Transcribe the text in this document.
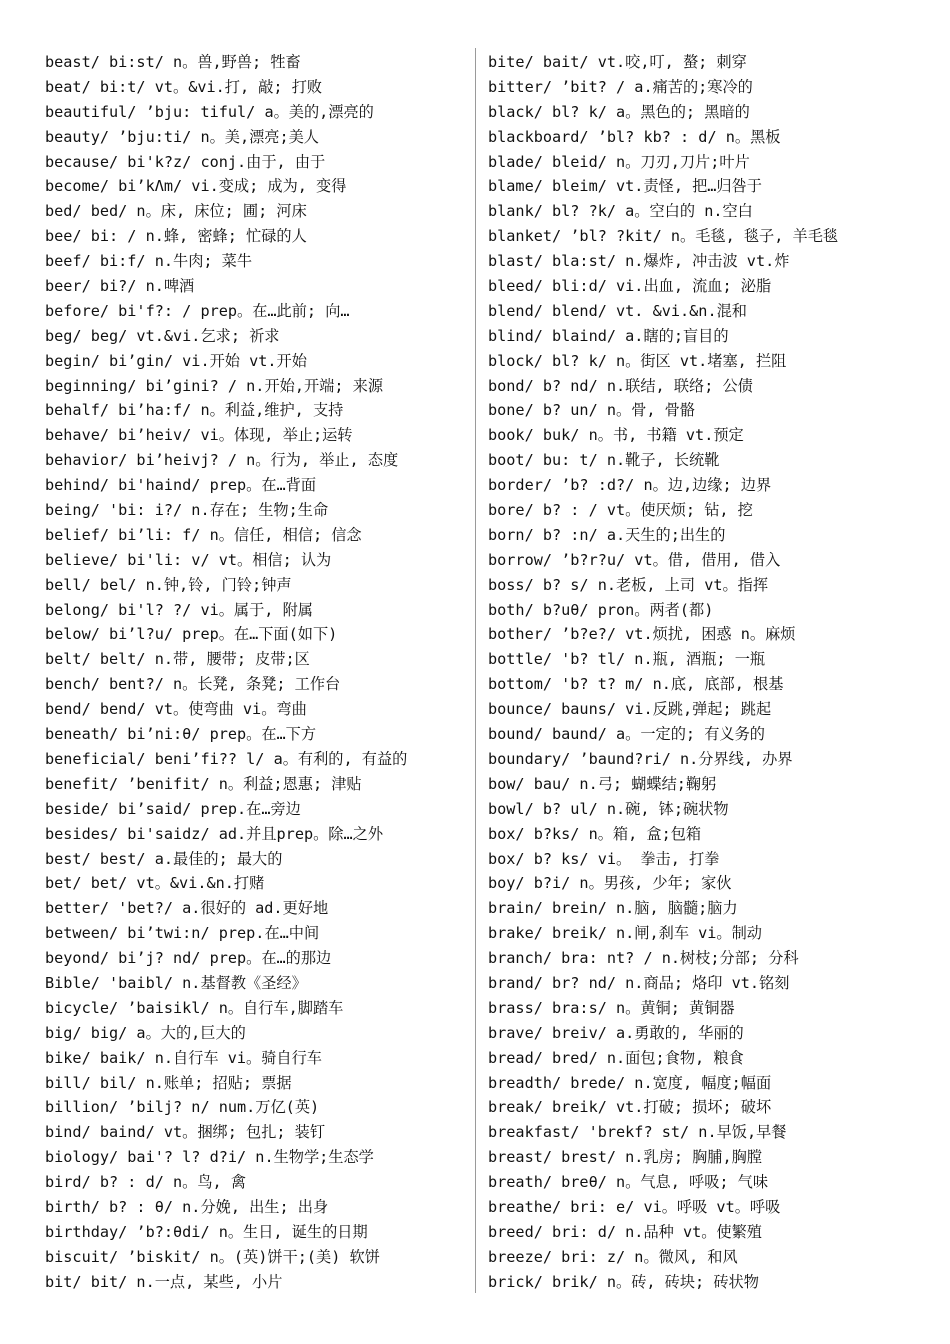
beast/ bi:st/ n。兽,野兽; 牲畜
beat/ bi:t/ vt。&vi.打, 敲; 打败
beautiful/ ’bju: tiful/ a。美的,漂亮的
beauty/ ’bju:ti/ n。美,漂亮;美人
because/ bi'k?z/ conj.由于, 由于
become/ bi’kΛm/ vi.变成; 成为, 变得
bed/ bed/ n。床, 床位; 圃; 河床
bee/ bi: / n.蜂, 密蜂; 忙碌的人
beef/ bi:f/ n.牛肉; 菜牛
beer/ bi?/ n.啤酒
before/ bi'f?: / prep。在…此前; 向…
beg/ beg/ vt.&vi.乞求; 祈求
begin/ bi’gin/ vi.开始 vt.开始
beginning/ bi’gini? / n.开始,开端; 来源
behalf/ bi’ha:f/ n。利益,维护, 支持
behave/ bi’heiv/ vi。体现, 举止;运转
behavior/ bi’heivj? / n。行为, 举止, 态度
behind/ bi'haind/ prep。在…背面
being/ 'bi: i?/ n.存在; 生物;生命
belief/ bi’li: f/ n。信任, 相信; 信念
believe/ bi'li: v/ vt。相信; 认为
bell/ bel/ n.钟,铃, 门铃;钟声
belong/ bi'l? ?/ vi。属于, 附属
below/ bi’l?u/ prep。在…下面(如下)
belt/ belt/ n.带, 腰带; 皮带;区
bench/ bent?/ n。长凳, 条凳; 工作台
bend/ bend/ vt。使弯曲 vi。弯曲
beneath/ bi’ni:θ/ prep。在…下方
beneficial/ beni’fi?? l/ a。有利的, 有益的
benefit/ ’benifit/ n。利益;恩惠; 津贴
beside/ bi’said/ prep.在…旁边
besides/ bi'saidz/ ad.并且prep。除…之外
best/ best/ a.最佳的; 最大的
bet/ bet/ vt。&vi.&n.打赌
better/ 'bet?/ a.很好的 ad.更好地
between/ bi’twi:n/ prep.在…中间
beyond/ bi’j? nd/ prep。在…的那边
Bible/ 'baibl/ n.基督教《圣经》
bicycle/ ’baisikl/ n。自行车,脚踏车
big/ big/ a。大的,巨大的
bike/ baik/ n.自行车 vi。骑自行车
bill/ bil/ n.账单; 招贴; 票据
billion/ ’bilj? n/ num.万亿(英)
bind/ baind/ vt。捆绑; 包扎; 装钉
biology/ bai'? l? d?i/ n.生物学;生态学
bird/ b? : d/ n。鸟, 禽
birth/ b? : θ/ n.分娩, 出生; 出身
birthday/ ’b?:θdi/ n。生日, 诞生的日期
biscuit/ ’biskit/ n。(英)饼干;(美) 软饼
bit/ bit/ n.一点, 某些, 小片
bite/ bait/ vt.咬,叮, 螯; 刺穿
bitter/ ’bit? / a.痛苦的;寒冷的
black/ bl? k/ a。黑色的; 黑暗的
blackboard/ ’bl? kb? : d/ n。黑板
blade/ bleid/ n。刀刃,刀片;叶片
blame/ bleim/ vt.责怪, 把…归咎于
blank/ bl? ?k/ a。空白的 n.空白
blanket/ ’bl? ?kit/ n。毛毯, 毯子, 羊毛毯
blast/ bla:st/ n.爆炸, 冲击波 vt.炸
bleed/ bli:d/ vi.出血, 流血; 泌脂
blend/ blend/ vt. &vi.&n.混和
blind/ blaind/ a.瞎的;盲目的
block/ bl? k/ n。街区 vt.堵塞, 拦阻
bond/ b? nd/ n.联结, 联络; 公债
bone/ b? un/ n。骨, 骨骼
book/ buk/ n。书, 书籍 vt.预定
boot/ bu: t/ n.靴子, 长统靴
border/ ’b? :d?/ n。边,边缘; 边界
bore/ b? : / vt。使厌烦; 钻, 挖
born/ b? :n/ a.天生的;出生的
borrow/ ’b?r?u/ vt。借, 借用, 借入
boss/ b? s/ n.老板, 上司 vt。指挥
both/ b?uθ/ pron。两者(都)
bother/ ’b?e?/ vt.烦扰, 困惑 n。麻烦
bottle/ 'b? tl/ n.瓶, 酒瓶; 一瓶
bottom/ 'b? t? m/ n.底, 底部, 根基
bounce/ bauns/ vi.反跳,弹起; 跳起
bound/ baund/ a。一定的; 有义务的
boundary/ ’baund?ri/ n.分界线, 办界
bow/ bau/ n.弓; 蝴蝶结;鞠躬
bowl/ b? ul/ n.碗, 钵;碗状物
box/ b?ks/ n。箱, 盒;包箱
box/ b? ks/ vi。 拳击, 打拳
boy/ b?i/ n。男孩, 少年; 家伙
brain/ brein/ n.脑, 脑髓;脑力
brake/ breik/ n.闸,刹车 vi。制动
branch/ bra: nt? / n.树枝;分部; 分科
brand/ br? nd/ n.商品; 烙印 vt.铭刻
brass/ bra:s/ n。黄铜; 黄铜器
brave/ breiv/ a.勇敢的, 华丽的
bread/ bred/ n.面包;食物, 粮食
breadth/ brede/ n.宽度, 幅度;幅面
break/ breik/ vt.打破; 损坏; 破坏
breakfast/ 'brekf? st/ n.早饭,早餐
breast/ brest/ n.乳房; 胸脯,胸膛
breath/ breθ/ n。气息, 呼吸; 气味
breathe/ bri: e/ vi。呼吸 vt。呼吸
breed/ bri: d/ n.品种 vt。使繁殖
breeze/ bri: z/ n。微风, 和风
brick/ brik/ n。砖, 砖块; 砖状物
